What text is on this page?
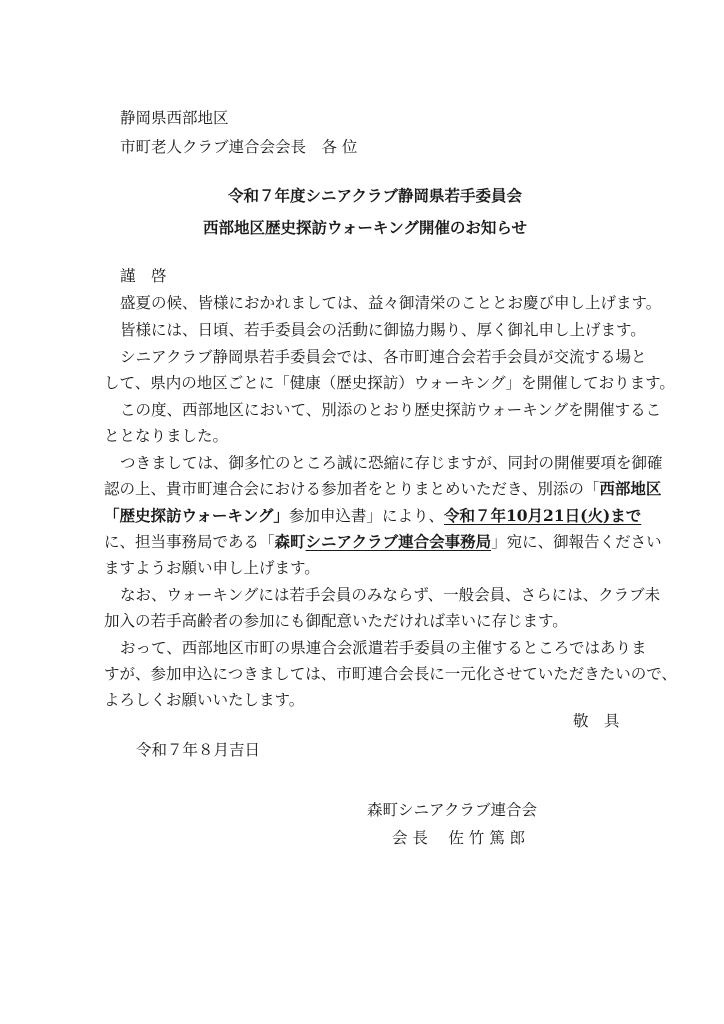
静岡県西部地区
市町老人クラブ連合会会長　各 位
令和７年度シニアクラブ静岡県若手委員会
西部地区歴史探訪ウォーキング開催のお知らせ
謹　啓
盛夏の候、皆様におかれましては、益々御清栄のこととお慶び申し上げます。
皆様には、日頃、若手委員会の活動に御協力賜り、厚く御礼申し上げます。
シニアクラブ静岡県若手委員会では、各市町連合会若手会員が交流する場と
して、県内の地区ごとに「健康（歴史探訪）ウォーキング」を開催しております。
この度、西部地区において、別添のとおり歴史探訪ウォーキングを開催するこ
ととなりました。
つきましては、御多忙のところ誠に恐縮に存じますが、同封の開催要項を御確
認の上、貴市町連合会における参加者をとりまとめいただき、別添の「西部地区
「歴史探訪ウォーキング」参加申込書」により、令和７年10月21日(火)まで
に、担当事務局である「森町シニアクラブ連合会事務局」宛に、御報告ください
ますようお願い申し上げます。
なお、ウォーキングには若手会員のみならず、一般会員、さらには、クラブ未
加入の若手高齢者の参加にも御配意いただければ幸いに存じます。
おって、西部地区市町の県連合会派遣若手委員の主催するところではありま
すが、参加申込につきましては、市町連合会長に一元化させていただきたいので、
よろしくお願いいたします。
敬　具
令和７年８月吉日
森町シニアクラブ連合会
会 長　 佐 竹 篤 郎
